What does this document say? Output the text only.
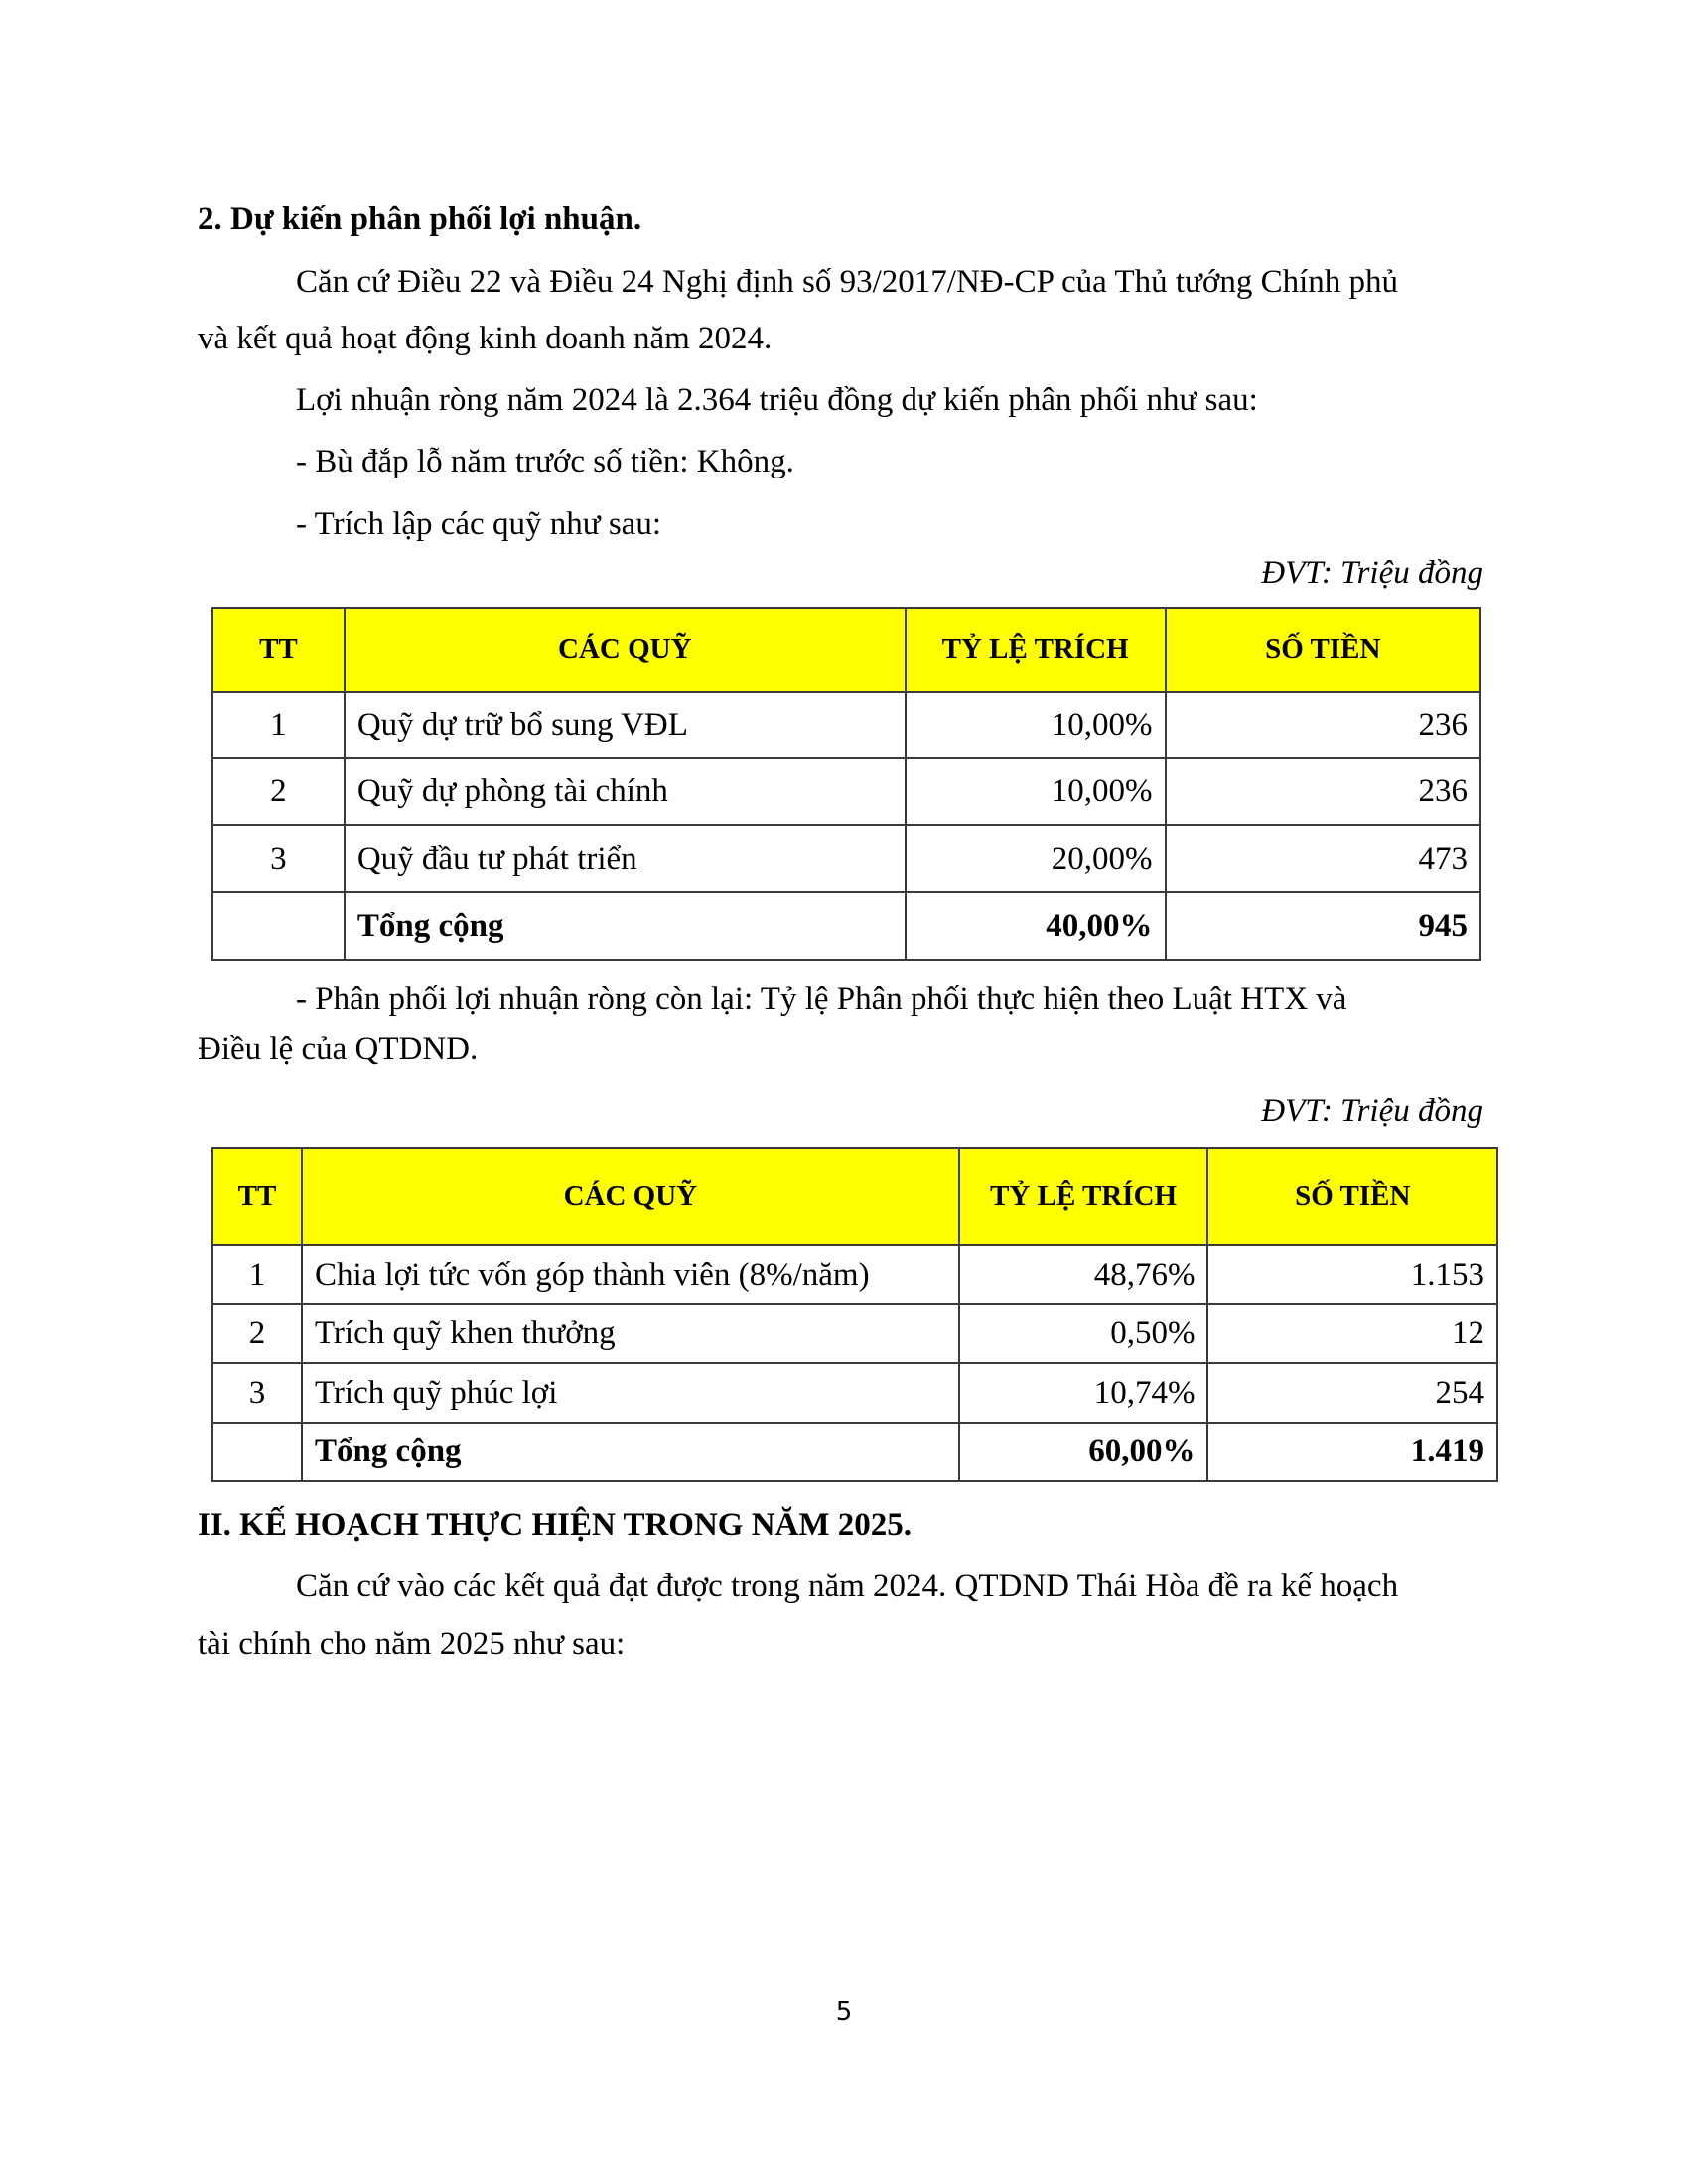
2. Dự kiến phân phối lợi nhuận.
Căn cứ Điều 22 và Điều 24 Nghị định số 93/2017/NĐ-CP của Thủ tướng Chính phủ
và kết quả hoạt động kinh doanh năm 2024.
Lợi nhuận ròng năm 2024 là 2.364 triệu đồng dự kiến phân phối như sau:
- Bù đắp lỗ năm trước số tiền: Không.
- Trích lập các quỹ như sau:
ĐVT: Triệu đồng
TT	CÁC QUỸ	TỶ LỆ TRÍCH	SỐ TIỀN
1	Quỹ dự trữ bổ sung VĐL	10,00%	236
2	Quỹ dự phòng tài chính	10,00%	236
3	Quỹ đầu tư phát triển	20,00%	473
	Tổng cộng	40,00%	945
- Phân phối lợi nhuận ròng còn lại: Tỷ lệ Phân phối thực hiện theo Luật HTX và
Điều lệ của QTDND.
ĐVT: Triệu đồng
TT	CÁC QUỸ	TỶ LỆ TRÍCH	SỐ TIỀN
1	Chia lợi tức vốn góp thành viên (8%/năm)	48,76%	1.153
2	Trích quỹ khen thưởng	0,50%	12
3	Trích quỹ phúc lợi	10,74%	254
	Tổng cộng	60,00%	1.419
II. KẾ HOẠCH THỰC HIỆN TRONG NĂM 2025.
Căn cứ vào các kết quả đạt được trong năm 2024. QTDND Thái Hòa đề ra kế hoạch
tài chính cho năm 2025 như sau:
5
